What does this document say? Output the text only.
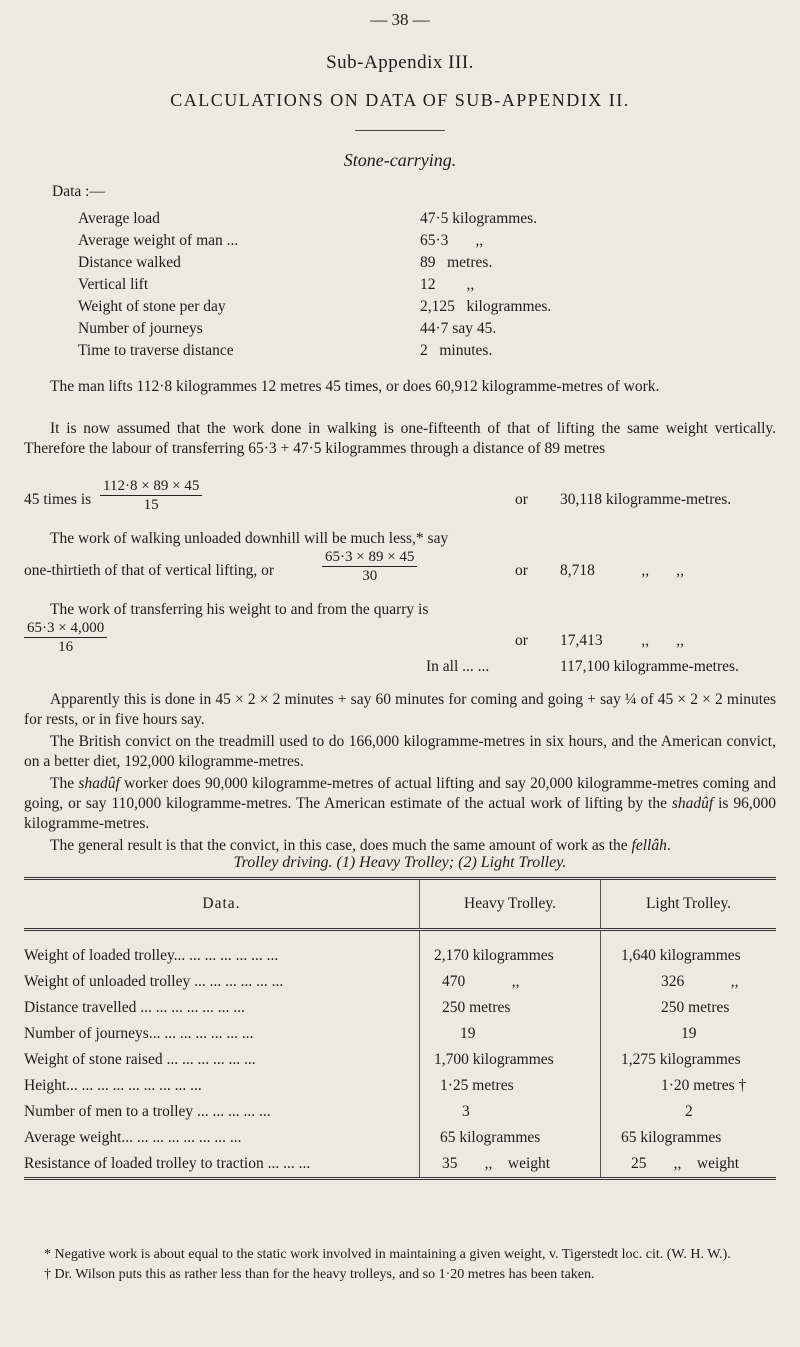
— 38 —
Sub-Appendix III.
CALCULATIONS ON DATA OF SUB-APPENDIX II.
Stone-carrying.
Data :—
Average load	47·5 kilogrammes.
Average weight of man ...	65·3       ,,
Distance walked	89   metres.
Vertical lift	12        ,,
Weight of stone per day	2,125   kilogrammes.
Number of journeys	44·7 say 45.
Time to traverse distance	2   minutes.

The man lifts 112·8 kilogrammes 12 metres 45 times, or does 60,912 kilogramme-metres of work.

It is now assumed that the work done in walking is one-fifteenth of that of lifting the same weight vertically. Therefore the labour of transferring 65·3 + 47·5 kilogrammes through a distance of 89 metres

45 times is $\frac{112\cdot 8 \times 89 \times 45}{15}$	or 30,118 kilogramme-metres.

The work of walking unloaded downhill will be much less,* say

one-thirtieth of that of vertical lifting, or	$\frac{65\cdot 3 \times 89 \times 45}{30}$	or 8,718            ,,       ,,

The work of transferring his weight to and from the quarry is

$\frac{65\cdot 3 \times 4,000}{16}$	or 17,413          ,,       ,,
In all ... ...	117,100 kilogramme-metres.

Apparently this is done in 45 × 2 × 2 minutes + say 60 minutes for coming and going + say ¼ of 45 × 2 × 2 minutes for rests, or in five hours say.

The British convict on the treadmill used to do 166,000 kilogramme-metres in six hours, and the American convict, on a better diet, 192,000 kilogramme-metres.

The shadûf worker does 90,000 kilogramme-metres of actual lifting and say 20,000 kilogramme-metres coming and going, or say 110,000 kilogramme-metres. The American estimate of the actual work of lifting by the shadûf is 96,000 kilogramme-metres.

The general result is that the convict, in this case, does much the same amount of work as the fellâh.

Trolley driving. (1) Heavy Trolley; (2) Light Trolley.
Data.	Heavy Trolley.	Light Trolley.

Weight of loaded trolley... ... ... ... ... ... ...	2,170 kilogrammes	1,640 kilogrammes
Weight of unloaded trolley ... ... ... ... ... ...	470            ,,	326            ,,
Distance travelled ... ... ... ... ... ... ...	250 metres	250 metres
Number of journeys... ... ... ... ... ... ...	19	19
Weight of stone raised ... ... ... ... ... ...	1,700 kilogrammes	1,275 kilogrammes
Height... ... ... ... ... ... ... ... ...	1·25 metres	1·20 metres †
Number of men to a trolley ... ... ... ... ...	3	2
Average weight... ... ... ... ... ... ... ...	65 kilogrammes	65 kilogrammes
Resistance of loaded trolley to traction ... ... ...	35       ,,    weight	25       ,,    weight

* Negative work is about equal to the static work involved in maintaining a given weight, v. Tigerstedt loc. cit. (W. H. W.).

† Dr. Wilson puts this as rather less than for the heavy trolleys, and so 1·20 metres has been taken.
